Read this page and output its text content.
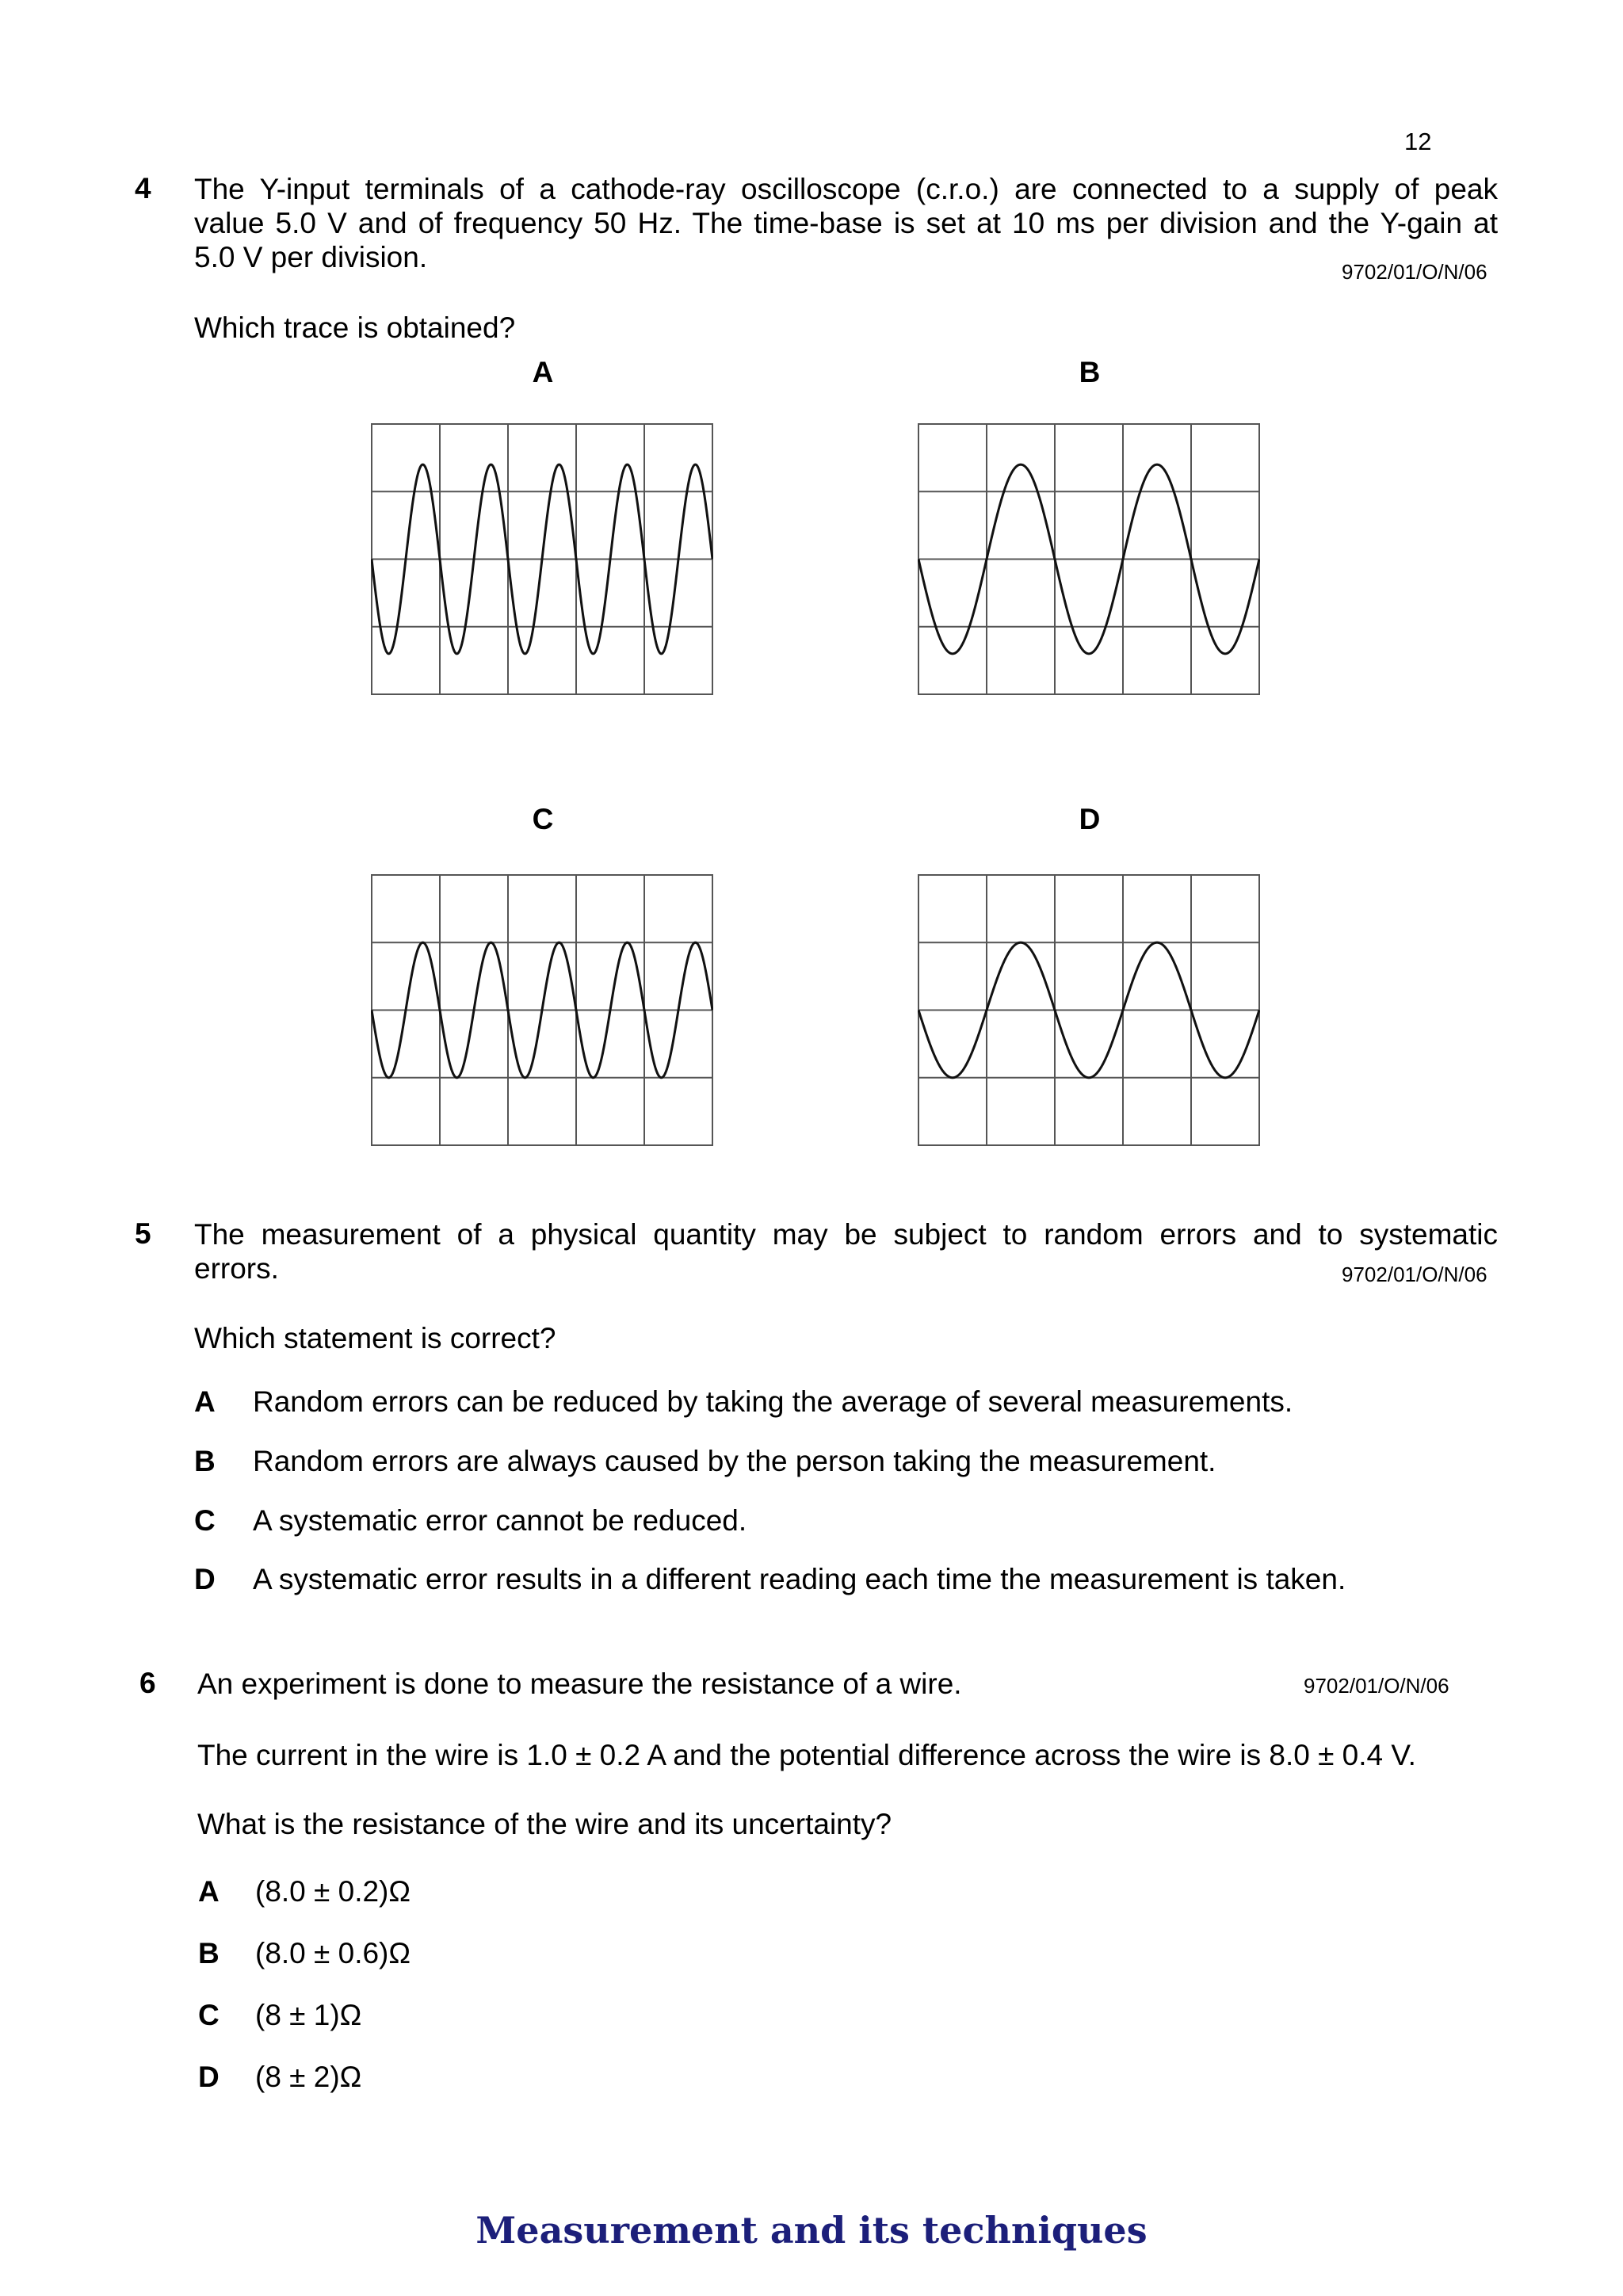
12
4 The Y-input terminals of a cathode-ray oscilloscope (c.r.o.) are connected to a supply of peak
value 5.0 V and of frequency 50 Hz. The time-base is set at 10 ms per division and the Y-gain at
5.0 V per division.	9702/01/O/N/06
Which trace is obtained?
A	B
C	D
5 The measurement of a physical quantity may be subject to random errors and to systematic
errors.	9702/01/O/N/06
Which statement is correct?
A Random errors can be reduced by taking the average of several measurements.
B Random errors are always caused by the person taking the measurement.
C A systematic error cannot be reduced.
D A systematic error results in a different reading each time the measurement is taken.
6 An experiment is done to measure the resistance of a wire.	9702/01/O/N/06
The current in the wire is 1.0 ± 0.2 A and the potential difference across the wire is 8.0 ± 0.4 V.
What is the resistance of the wire and its uncertainty?
A (8.0 ± 0.2)Ω
B (8.0 ± 0.6)Ω
C (8 ± 1)Ω
D (8 ± 2)Ω
Measurement and its techniques
